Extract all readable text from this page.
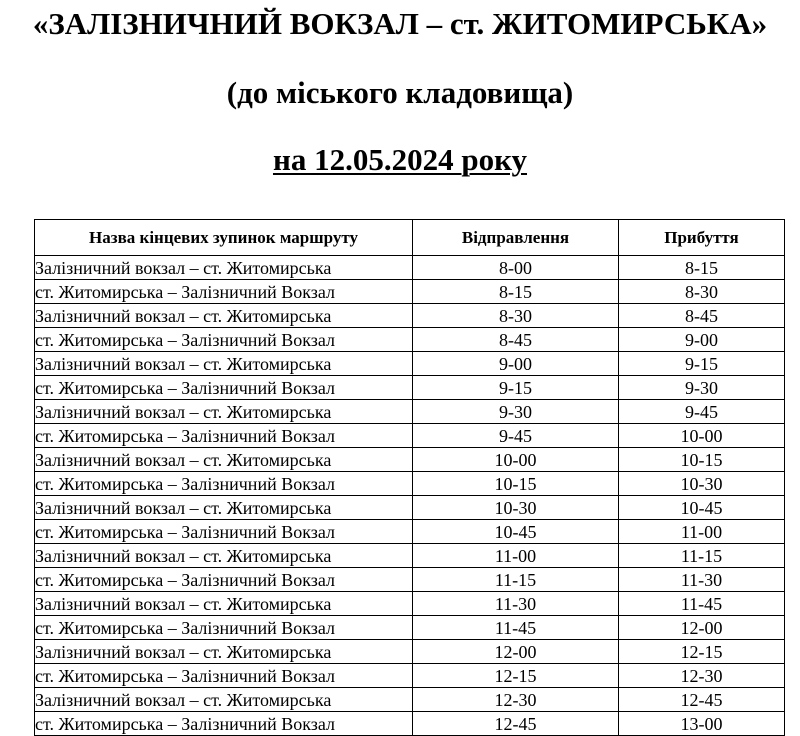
«ЗАЛІЗНИЧНИЙ ВОКЗАЛ – ст. ЖИТОМИРСЬКА»
(до міського кладовища)
на 12.05.2024 року
Назва кінцевих зупинок маршруту	Відправлення	Прибуття
Залізничний вокзал – ст. Житомирська	8-00	8-15
ст. Житомирська – Залізничний Вокзал	8-15	8-30
Залізничний вокзал – ст. Житомирська	8-30	8-45
ст. Житомирська – Залізничний Вокзал	8-45	9-00
Залізничний вокзал – ст. Житомирська	9-00	9-15
ст. Житомирська – Залізничний Вокзал	9-15	9-30
Залізничний вокзал – ст. Житомирська	9-30	9-45
ст. Житомирська – Залізничний Вокзал	9-45	10-00
Залізничний вокзал – ст. Житомирська	10-00	10-15
ст. Житомирська – Залізничний Вокзал	10-15	10-30
Залізничний вокзал – ст. Житомирська	10-30	10-45
ст. Житомирська – Залізничний Вокзал	10-45	11-00
Залізничний вокзал – ст. Житомирська	11-00	11-15
ст. Житомирська – Залізничний Вокзал	11-15	11-30
Залізничний вокзал – ст. Житомирська	11-30	11-45
ст. Житомирська – Залізничний Вокзал	11-45	12-00
Залізничний вокзал – ст. Житомирська	12-00	12-15
ст. Житомирська – Залізничний Вокзал	12-15	12-30
Залізничний вокзал – ст. Житомирська	12-30	12-45
ст. Житомирська – Залізничний Вокзал	12-45	13-00
